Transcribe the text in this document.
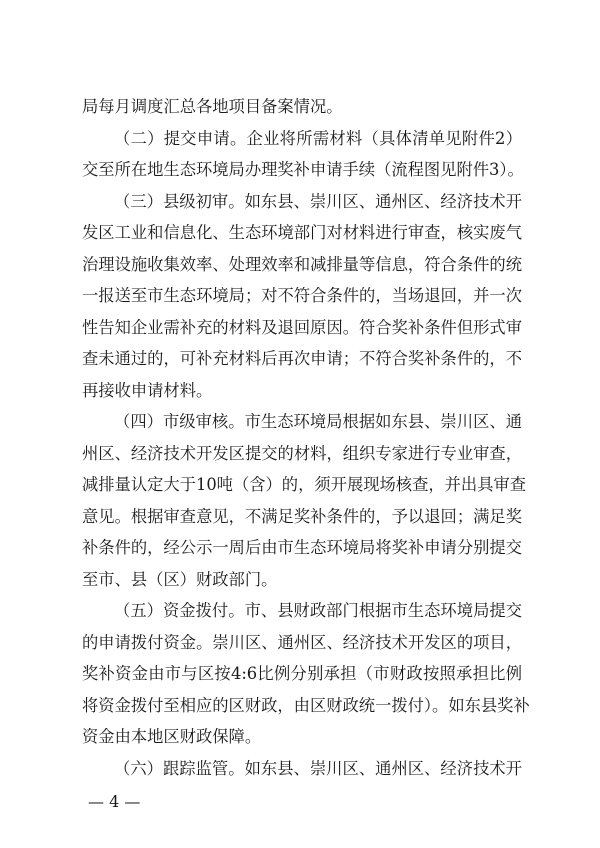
局每月调度汇总各地项目备案情况。
（二）提交申请。企业将所需材料（具体清单见附件2）
交至所在地生态环境局办理奖补申请手续（流程图见附件3）。
（三）县级初审。如东县、崇川区、通州区、经济技术开
发区工业和信息化、生态环境部门对材料进行审查，核实废气
治理设施收集效率、处理效率和减排量等信息，符合条件的统
一报送至市生态环境局；对不符合条件的，当场退回，并一次
性告知企业需补充的材料及退回原因。符合奖补条件但形式审
查未通过的，可补充材料后再次申请；不符合奖补条件的，不
再接收申请材料。
（四）市级审核。市生态环境局根据如东县、崇川区、通
州区、经济技术开发区提交的材料，组织专家进行专业审查，
减排量认定大于10吨（含）的，须开展现场核查，并出具审查
意见。根据审查意见，不满足奖补条件的，予以退回；满足奖
补条件的，经公示一周后由市生态环境局将奖补申请分别提交
至市、县（区）财政部门。
（五）资金拨付。市、县财政部门根据市生态环境局提交
的申请拨付资金。崇川区、通州区、经济技术开发区的项目，
奖补资金由市与区按4:6比例分别承担（市财政按照承担比例
将资金拨付至相应的区财政，由区财政统一拨付）。如东县奖补
资金由本地区财政保障。
（六）跟踪监管。如东县、崇川区、通州区、经济技术开
— 4 —
